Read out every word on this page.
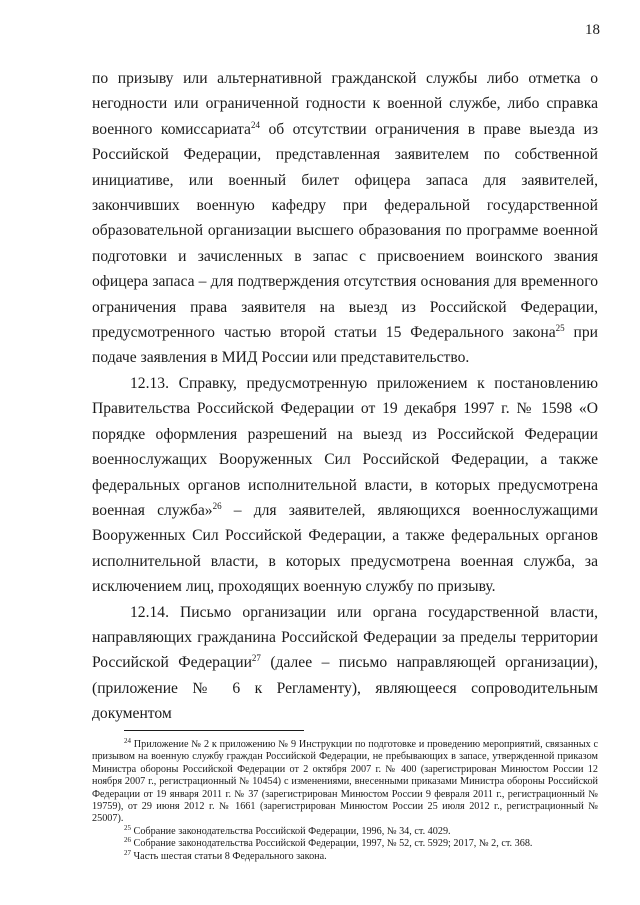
18

по призыву или альтернативной гражданской службы либо отметка о негодности или ограниченной годности к военной службе, либо справка военного комиссариата$^{24}$ об отсутствии ограничения в праве выезда из Российской Федерации, представленная заявителем по собственной инициативе, или военный билет офицера запаса для заявителей, закончивших военную кафедру при федеральной государственной образовательной организации высшего образования по программе военной подготовки и зачисленных в запас с присвоением воинского звания офицера запаса – для подтверждения отсутствия основания для временного ограничения права заявителя на выезд из Российской Федерации, предусмотренного частью второй статьи 15 Федерального закона$^{25}$ при подаче заявления в МИД России или представительство.

12.13. Справку, предусмотренную приложением к постановлению Правительства Российской Федерации от 19 декабря 1997 г. № 1598 «О порядке оформления разрешений на выезд из Российской Федерации военнослужащих Вооруженных Сил Российской Федерации, а также федеральных органов исполнительной власти, в которых предусмотрена военная служба»$^{26}$ – для заявителей, являющихся военнослужащими Вооруженных Сил Российской Федерации, а также федеральных органов исполнительной власти, в которых предусмотрена военная служба, за исключением лиц, проходящих военную службу по призыву.

12.14. Письмо организации или органа государственной власти, направляющих гражданина Российской Федерации за пределы территории Российской Федерации$^{27}$ (далее – письмо направляющей организации), (приложение № 6 к Регламенту), являющееся сопроводительным документом

$^{24}$ Приложение № 2 к приложению № 9 Инструкции по подготовке и проведению мероприятий, связанных с призывом на военную службу граждан Российской Федерации, не пребывающих в запасе, утвержденной приказом Министра обороны Российской Федерации от 2 октября 2007 г. № 400 (зарегистрирован Минюстом России 12 ноября 2007 г., регистрационный № 10454) с изменениями, внесенными приказами Министра обороны Российской Федерации от 19 января 2011 г. № 37 (зарегистрирован Минюстом России 9 февраля 2011 г., регистрационный № 19759), от 29 июня 2012 г. № 1661 (зарегистрирован Минюстом России 25 июля 2012 г., регистрационный № 25007).

$^{25}$ Собрание законодательства Российской Федерации, 1996, № 34, ст. 4029.

$^{26}$ Собрание законодательства Российской Федерации, 1997, № 52, ст. 5929; 2017, № 2, ст. 368.

$^{27}$ Часть шестая статьи 8 Федерального закона.
